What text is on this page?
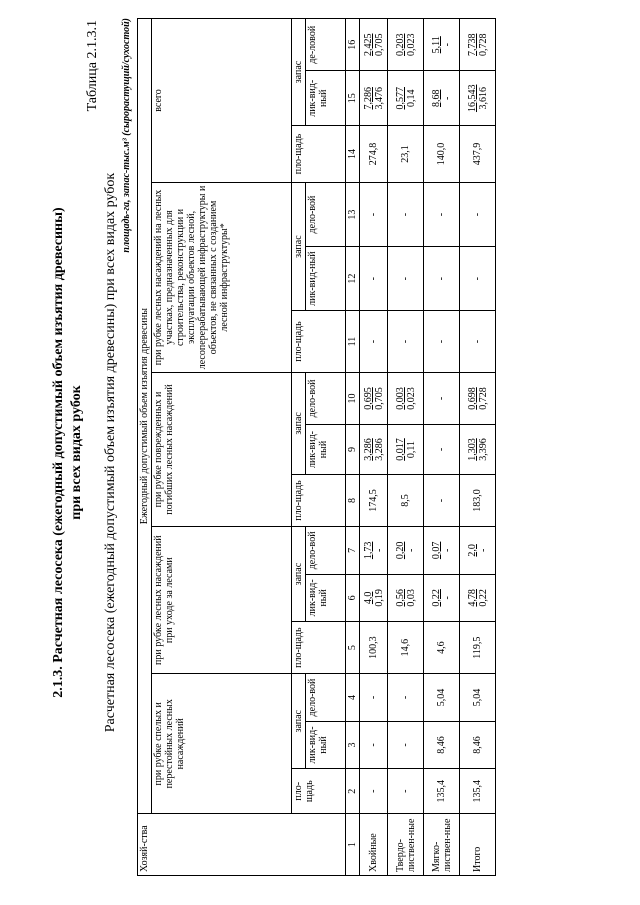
2.1.3. Расчетная лесосека (ежегодный допустимый объем изъятия древесины) при всех видах рубок
Таблица 2.1.3.1
Расчетная лесосека (ежегодный допустимый объем изъятия древесины) при всех видах рубок
площадь-га, запас-тыс.м³ (сырорастущий/сухостой)
Хозяй-ства	Ежегодный допустимый объем изъятия древесины														
	при рубке спелых и перестойных лесных насаждений			при рубке лесных насаждений при уходе за лесами			при рубке поврежденных и погибших лесных насаждений			при рубке лесных насаждений на лесных участках, предназначенных для строительства, реконструкции и эксплуатации объектов лесной, лесоперерабатывающей инфраструктуры и объектов, не связанных с созданием лесной инфраструктуры*			всего		
	пло-щадь	запас		пло-щадь	запас		пло-щадь	запас		пло-щадь	запас		пло-щадь	запас	
		лик-вид-ный	дело-вой		лик-вид-ный	дело-вой		лик-вид-ный	дело-вой		лик-вид-ный	дело-вой		лик-вид-ный	де-ловой
1	2	3	4	5	6	7	8	9	10	11	12	13	14	15	16
Хвойные	-	-	-	100,3	4,0 0,19	1,73 -	174,5	3,286 3,286	0,695 0,705	-	-	-	274,8	7,286 3,476	2,425 0,705

Твердо-листвен-ные	-	-	-	14,6	0,56 0,03	0,20 -	8,5	0,017 0,11	0,003 0,023	-	-	-	23,1	0,577 0,14	0,203 0,023

Мягко-листвен-ные	135,4	8,46	5,04	4,6	0,22 -	0,07 -	-	-	-	-	-	-	140,0	8,68 -	5,11 -

Итого	135,4	8,46	5,04	119,5	4,78 0,22	2,0 -	183,0	1,303 3,396	0,698 0,728	-	-	-	437,9	16,543 3,616	7,738 0,728
